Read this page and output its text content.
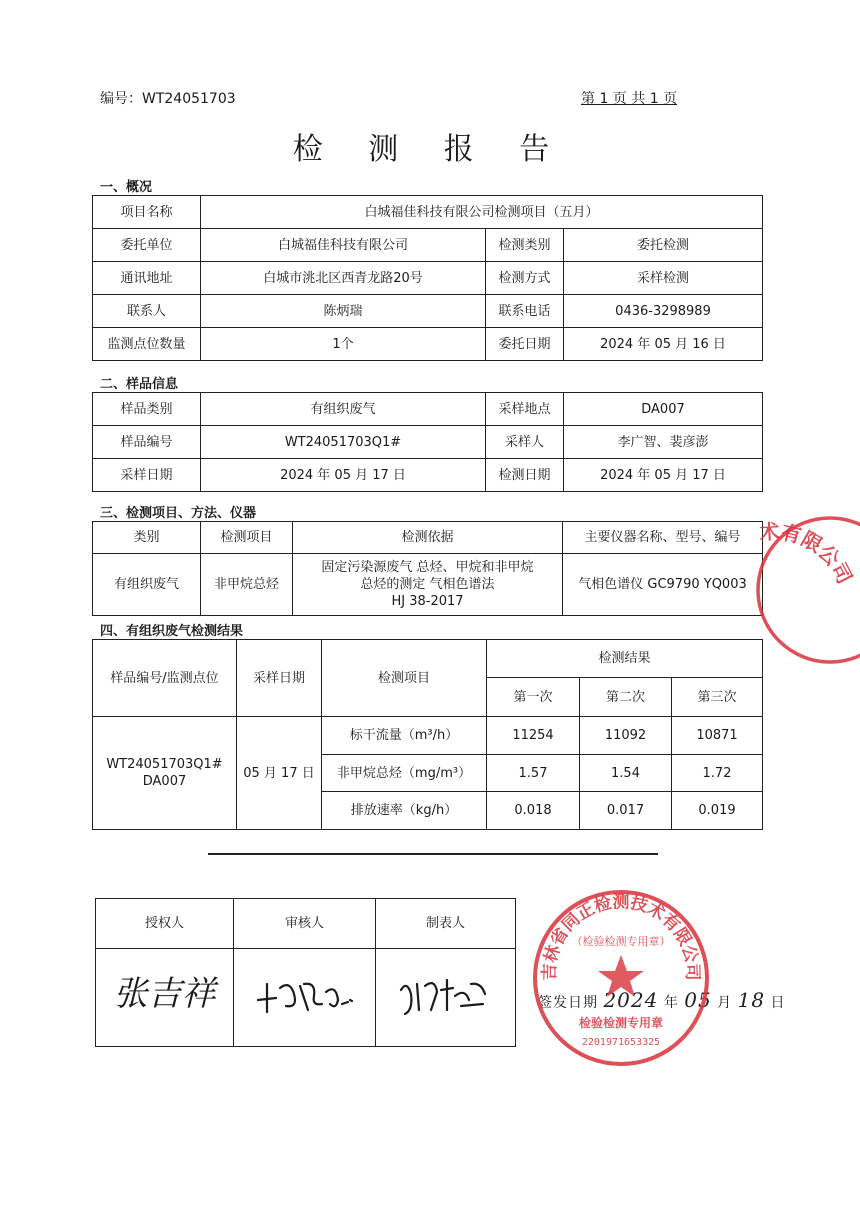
编号：WT24051703	第 1 页 共 1 页
检 测 报 告
一、概况
项目名称	白城福佳科技有限公司检测项目（五月）		
委托单位	白城福佳科技有限公司	检测类别	委托检测
通讯地址	白城市洮北区西青龙路20号	检测方式	采样检测
联系人	陈炳瑞	联系电话	0436-3298989
监测点位数量	1个	委托日期	2024 年 05 月 16 日
二、样品信息
样品类别	有组织废气	采样地点	DA007
样品编号	WT24051703Q1#	采样人	李广智、裴彦澎
采样日期	2024 年 05 月 17 日	检测日期	2024 年 05 月 17 日
三、检测项目、方法、仪器
类别	检测项目	检测依据	主要仪器名称、型号、编号
有组织废气	非甲烷总烃	固定污染源废气 总烃、甲烷和非甲烷
总烃的测定 气相色谱法
HJ 38-2017	气相色谱仪 GC9790 YQ003
四、有组织废气检测结果
样品编号/监测点位	采样日期	检测项目	检测结果		
			第一次	第二次	第三次

WT24051703Q1#
DA007	05 月 17 日	标干流量（m³/h）	11254	11092	10871
		非甲烷总烃（mg/m³）	1.57	1.54	1.72
		排放速率（kg/h）	0.018	0.017	0.019
授权人	审核人	制表人
张吉祥			签发日期 2024 年 05 月 18 日
吉林省同正检测技术有限公司
（检验检测专用章）
检验检测专用章
2201971653325
术有限公司
